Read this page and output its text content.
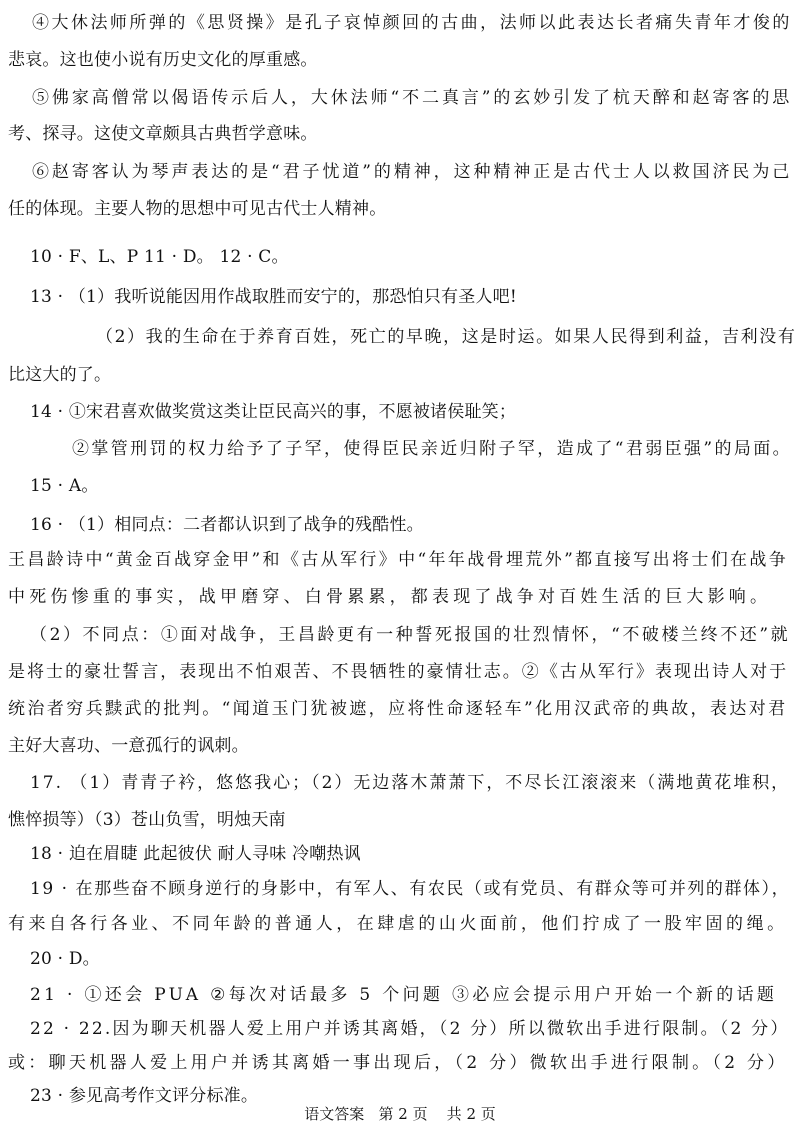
④大休法师所弹的《思贤操》是孔子哀悼颜回的古曲，法师以此表达长者痛失青年才俊的
悲哀。这也使小说有历史文化的厚重感。
⑤佛家高僧常以偈语传示后人，大休法师“不二真言”的玄妙引发了杭天醉和赵寄客的思
考、探寻。这使文章颇具古典哲学意味。
⑥赵寄客认为琴声表达的是“君子忧道”的精神，这种精神正是古代士人以救国济民为己
任的体现。主要人物的思想中可见古代士人精神。
10 · F、L、P 11 · D。 12 · C。
13 · （1）我听说能因用作战取胜而安宁的，那恐怕只有圣人吧!
（2）我的生命在于养育百姓，死亡的早晚，这是时运。如果人民得到利益，吉利没有
比这大的了。
14 · ①宋君喜欢做奖赏这类让臣民高兴的事，不愿被诸侯耻笑；
②掌管刑罚的权力给予了子罕，使得臣民亲近归附子罕，造成了“君弱臣强”的局面。
15 · A。
16 · （1）相同点：二者都认识到了战争的残酷性。
王昌龄诗中“黄金百战穿金甲”和《古从军行》中“年年战骨埋荒外”都直接写出将士们在战争
中死伤惨重的事实，战甲磨穿、白骨累累，都表现了战争对百姓生活的巨大影响。
（2）不同点：①面对战争，王昌龄更有一种誓死报国的壮烈情怀，“不破楼兰终不还”就
是将士的豪壮誓言，表现出不怕艰苦、不畏牺牲的豪情壮志。②《古从军行》表现出诗人对于
统治者穷兵黩武的批判。“闻道玉门犹被遮，应将性命逐轻车”化用汉武帝的典故，表达对君
主好大喜功、一意孤行的讽刺。
17. （1）青青子衿，悠悠我心；（2）无边落木萧萧下，不尽长江滚滚来（满地黄花堆积，
憔悴损等）（3）苍山负雪，明烛天南
18 · 迫在眉睫 此起彼伏 耐人寻味 冷嘲热讽
19 · 在那些奋不顾身逆行的身影中，有军人、有农民（或有党员、有群众等可并列的群体），
有来自各行各业、不同年龄的普通人，在肆虐的山火面前，他们拧成了一股牢固的绳。
20 · D。
21 · ①还会 PUA ②每次对话最多 5 个问题 ③必应会提示用户开始一个新的话题
22 · 22.因为聊天机器人爱上用户并诱其离婚，（2 分）所以微软出手进行限制。（2 分）
或：聊天机器人爱上用户并诱其离婚一事出现后，（2 分）微软出手进行限制。（2 分）
23 · 参见高考作文评分标准。
语文答案   第 2 页    共 2 页
